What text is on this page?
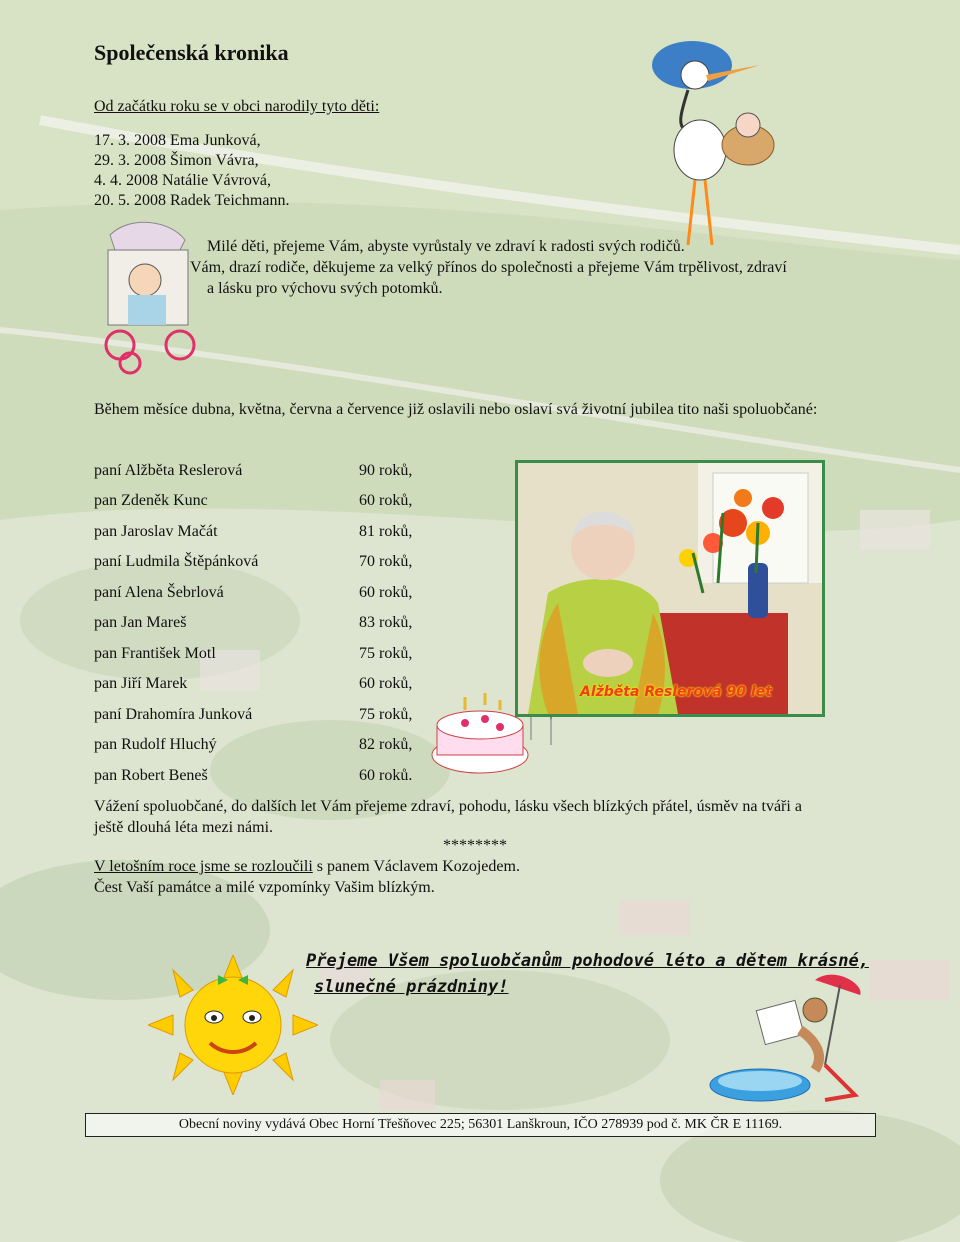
Společenská kronika
Od začátku roku se v obci narodily tyto děti:
17. 3. 2008 Ema Junková,
29. 3. 2008 Šimon Vávra,
4. 4. 2008 Natálie Vávrová,
20. 5. 2008 Radek Teichmann.
Milé děti, přejeme Vám, abyste vyrůstaly ve zdraví k radosti svých rodičů.
Vám, drazí rodiče, děkujeme za velký přínos do společnosti a přejeme Vám trpělivost, zdraví
a lásku pro výchovu svých potomků.
Během měsíce dubna, května, června a července již oslavili nebo oslaví svá životní jubilea tito naši spoluobčané:
paní Alžběta Reslerová	90 roků,
pan Zdeněk Kunc	60 roků,
pan Jaroslav Mačát	81 roků,
paní Ludmila Štěpánková	70 roků,
paní Alena Šebrlová	60 roků,
pan Jan Mareš	83 roků,
pan František Motl	75 roků,
pan Jiří Marek	60 roků,
paní Drahomíra Junková	75 roků,
pan Rudolf Hluchý	82 roků,
pan Robert Beneš	60 roků.
Alžběta Reslerová 90 let
Vážení spoluobčané, do dalších let Vám přejeme zdraví, pohodu, lásku všech blízkých přátel, úsměv na tváři a ještě dlouhá léta mezi námi.
********
V letošním roce jsme se rozloučili s panem Václavem Kozojedem.
Čest Vaší památce a milé vzpomínky Vašim blízkým.
Přejeme Všem spoluobčanům pohodové léto a dětem krásné,
slunečné prázdniny!
Obecní noviny vydává Obec Horní Třešňovec 225; 56301 Lanškroun, IČO 278939 pod č. MK ČR E 11169.
